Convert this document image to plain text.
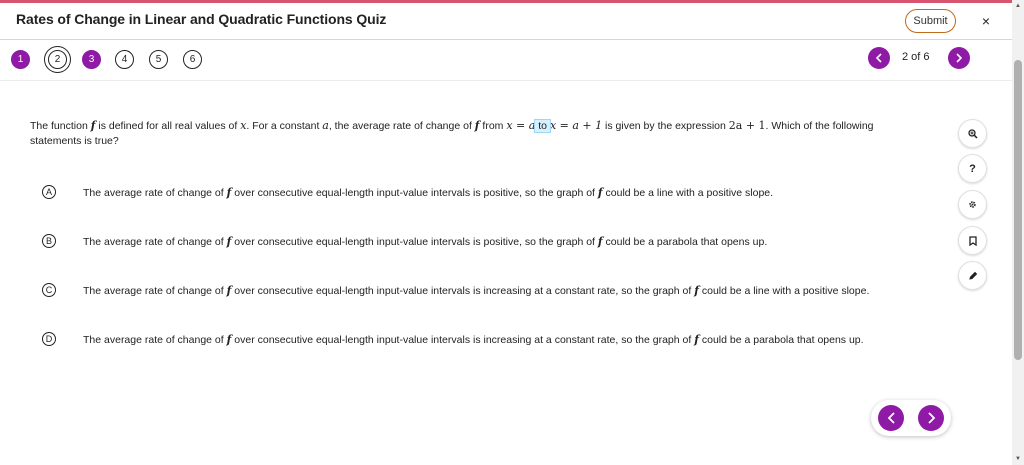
Rates of Change in Linear and Quadratic Functions Quiz	Submit	×
1	2	3	4	5	6	2 of 6
The function f is defined for all real values of x. For a constant a, the average rate of change of f from x = a to x = a + 1 is given by the expression 2a + 1. Which of the following statements is true?
A	The average rate of change of f over consecutive equal-length input-value intervals is positive, so the graph of f could be a line with a positive slope.
B	The average rate of change of f over consecutive equal-length input-value intervals is positive, so the graph of f could be a parabola that opens up.
C	The average rate of change of f over consecutive equal-length input-value intervals is increasing at a constant rate, so the graph of f could be a line with a positive slope.
D	The average rate of change of f over consecutive equal-length input-value intervals is increasing at a constant rate, so the graph of f could be a parabola that opens up.
?
▲
▼
